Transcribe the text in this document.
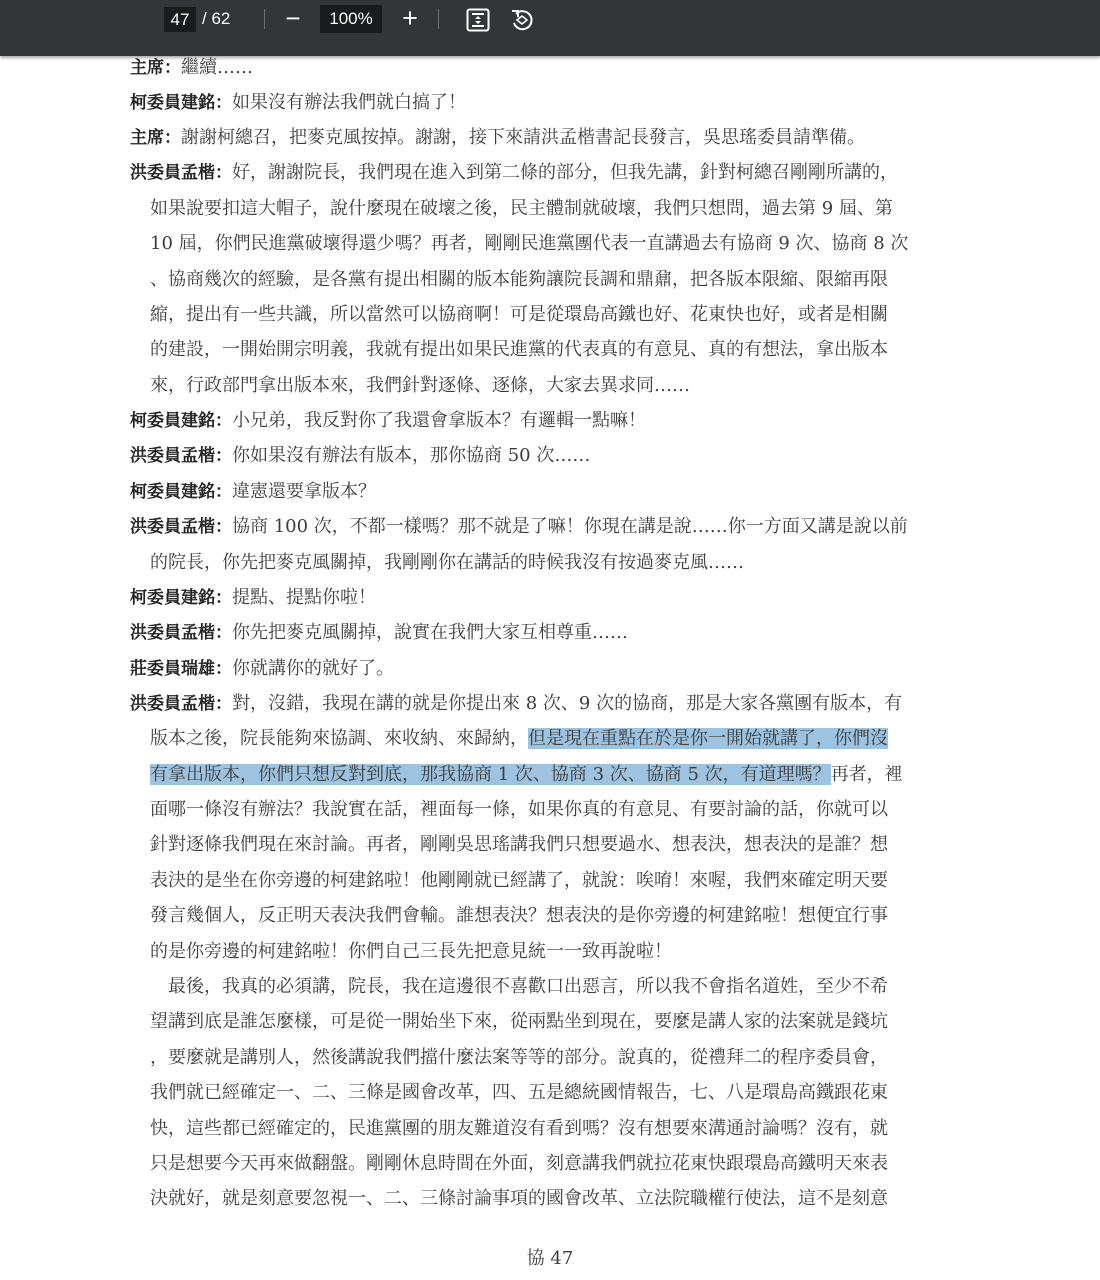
47
/ 62 −	100%	+
主席：繼續……
柯委員建銘：如果沒有辦法我們就白搞了！
主席：謝謝柯總召，把麥克風按掉。謝謝，接下來請洪孟楷書記長發言，吳思瑤委員請準備。
洪委員孟楷：好，謝謝院長，我們現在進入到第二條的部分，但我先講，針對柯總召剛剛所講的，
如果說要扣這大帽子，說什麼現在破壞之後，民主體制就破壞，我們只想問，過去第 9 屆、第
10 屆，你們民進黨破壞得還少嗎？再者，剛剛民進黨團代表一直講過去有協商 9 次、協商 8 次
、協商幾次的經驗，是各黨有提出相關的版本能夠讓院長調和鼎鼐，把各版本限縮、限縮再限
縮，提出有一些共識，所以當然可以協商啊！可是從環島高鐵也好、花東快也好，或者是相關
的建設，一開始開宗明義，我就有提出如果民進黨的代表真的有意見、真的有想法，拿出版本
來，行政部門拿出版本來，我們針對逐條、逐條，大家去異求同……
柯委員建銘：小兄弟，我反對你了我還會拿版本？有邏輯一點嘛！
洪委員孟楷：你如果沒有辦法有版本，那你協商 50 次……
柯委員建銘：違憲還要拿版本？
洪委員孟楷：協商 100 次，不都一樣嗎？那不就是了嘛！你現在講是說……你一方面又講是說以前
的院長，你先把麥克風關掉，我剛剛你在講話的時候我沒有按過麥克風……
柯委員建銘：提點、提點你啦！
洪委員孟楷：你先把麥克風關掉，說實在我們大家互相尊重……
莊委員瑞雄：你就講你的就好了。
洪委員孟楷：對，沒錯，我現在講的就是你提出來 8 次、9 次的協商，那是大家各黨團有版本，有
版本之後，院長能夠來協調、來收納、來歸納，但是現在重點在於是你一開始就講了，你們沒
有拿出版本，你們只想反對到底，那我協商 1 次、協商 3 次、協商 5 次，有道理嗎？再者，裡
面哪一條沒有辦法？我說實在話，裡面每一條，如果你真的有意見、有要討論的話，你就可以
針對逐條我們現在來討論。再者，剛剛吳思瑤講我們只想要過水、想表決，想表決的是誰？想
表決的是坐在你旁邊的柯建銘啦！他剛剛就已經講了，就說：唉唷！來喔，我們來確定明天要
發言幾個人，反正明天表決我們會輸。誰想表決？想表決的是你旁邊的柯建銘啦！想便宜行事
的是你旁邊的柯建銘啦！你們自己三長先把意見統一一致再說啦！
　最後，我真的必須講，院長，我在這邊很不喜歡口出惡言，所以我不會指名道姓，至少不希
望講到底是誰怎麼樣，可是從一開始坐下來，從兩點坐到現在，要麼是講人家的法案就是錢坑
，要麼就是講別人，然後講說我們擋什麼法案等等的部分。說真的，從禮拜二的程序委員會，
我們就已經確定一、二、三條是國會改革，四、五是總統國情報告，七、八是環島高鐵跟花東
快，這些都已經確定的，民進黨團的朋友難道沒有看到嗎？沒有想要來溝通討論嗎？沒有，就
只是想要今天再來做翻盤。剛剛休息時間在外面，刻意講我們就拉花東快跟環島高鐵明天來表
決就好，就是刻意要忽視一、二、三條討論事項的國會改革、立法院職權行使法，這不是刻意
協 47
